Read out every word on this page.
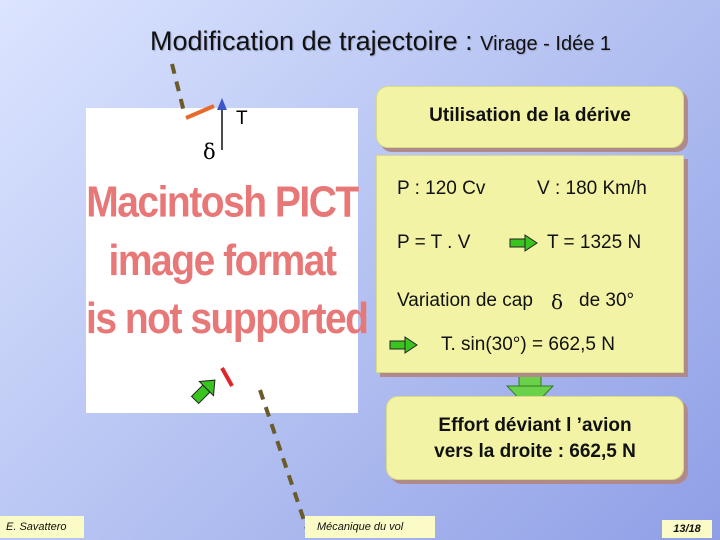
Modification de trajectoire : Virage - Idée 1
Macintosh PICT
image format
is not supported
T
δ
Utilisation de la dérive
P : 120 Cv	V : 180 Km/h
P = T . V	T = 1325 N
Variation de cap δ de 30°
T. sin(30°) = 662,5 N
Effort déviant l ’avion
vers la droite : 662,5 N
E. Savattero	Mécanique du vol	13/18
